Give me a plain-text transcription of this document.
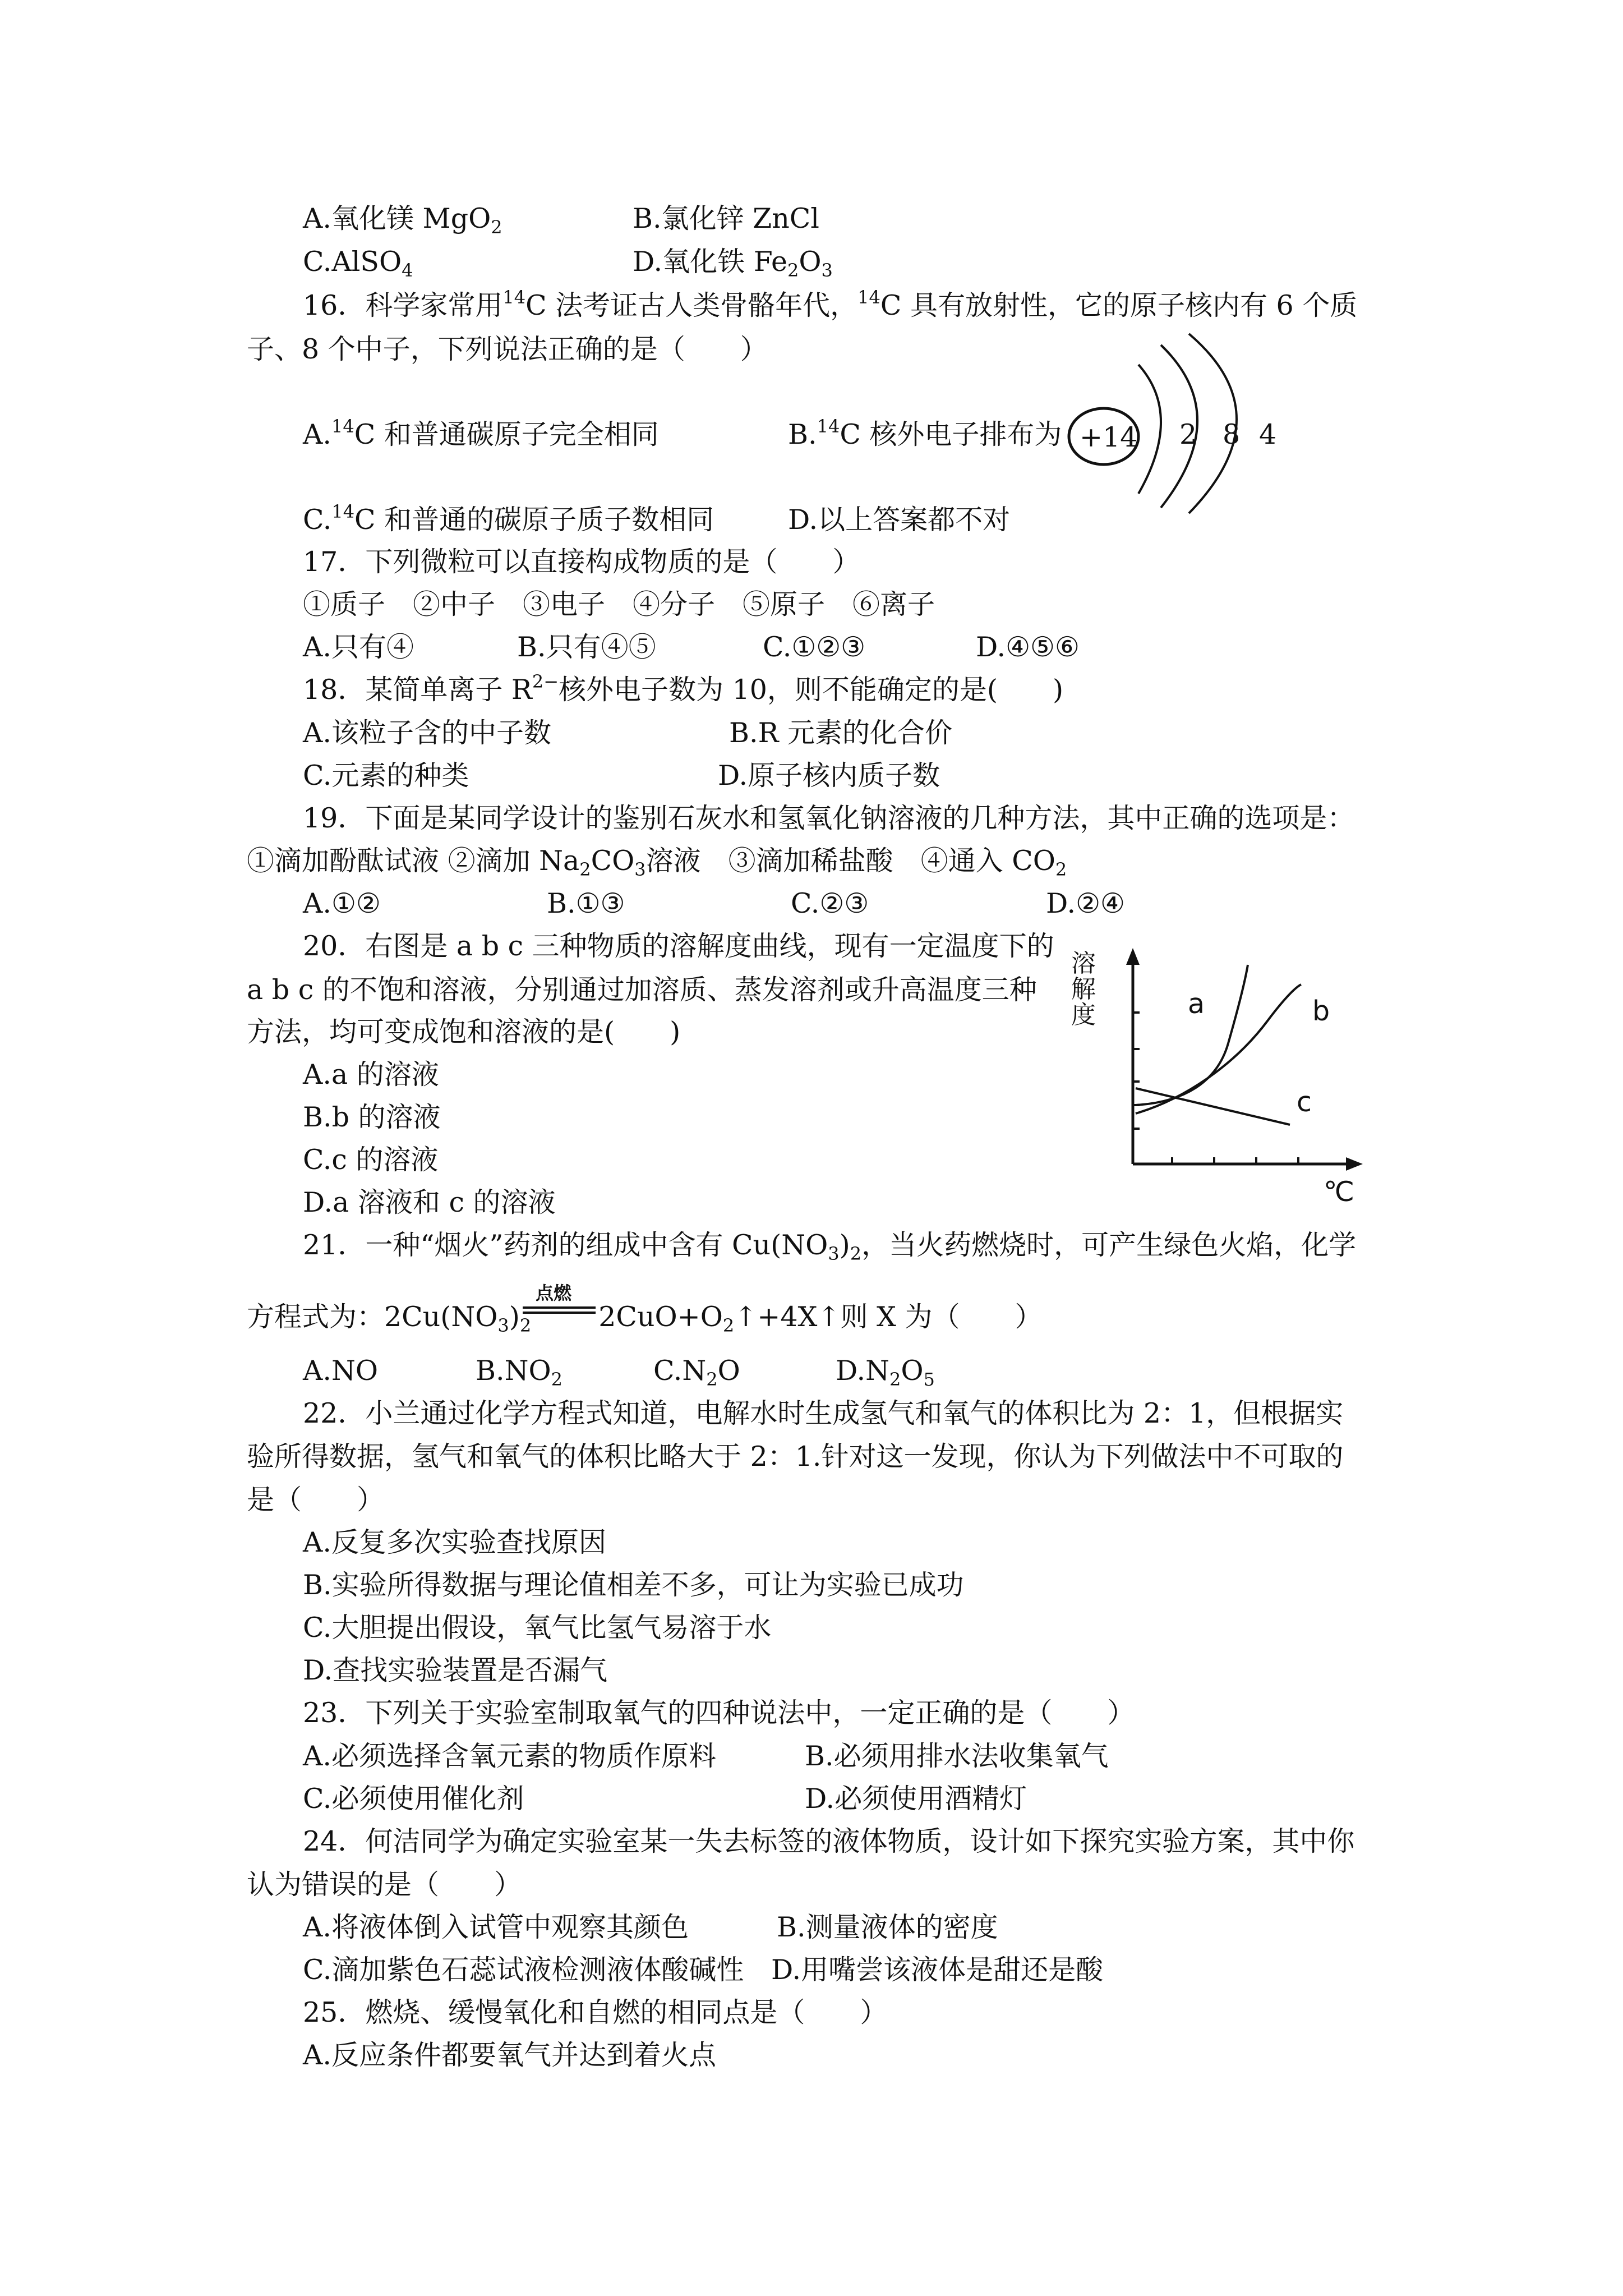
A.氧化镁 MgO$_2$	B.氯化锌 ZnCl
C.AlSO$_4$	D.氧化铁 $Fe_2O_3$
16．科学家常用$^{14}$C 法考证古人类骨骼年代，$^{14}$C 具有放射性，它的原子核内有 6 个质
子、8 个中子，下列说法正确的是（　　）
A.$^{14}$C 和普通碳原子完全相同	B.$^{14}$C 核外电子排布为 +14 2 8 4
C.$^{14}$C 和普通的碳原子质子数相同	D.以上答案都不对
17．下列微粒可以直接构成物质的是（　　）
①质子　②中子　③电子　④分子　⑤原子　⑥离子
A.只有④	B.只有④⑤	C.①②③	D.④⑤⑥
18．某简单离子 $R^{2-}$核外电子数为 10，则不能确定的是(　　)
A.该粒子含的中子数	B.R 元素的化合价
C.元素的种类	D.原子核内质子数
19．下面是某同学设计的鉴别石灰水和氢氧化钠溶液的几种方法，其中正确的选项是：
①滴加酚酞试液 ②滴加 $Na_2CO_3$溶液　③滴加稀盐酸　④通入 $CO_2$
A.①②	B.①③	C.②③	D.②④
20．右图是 a b c 三种物质的溶解度曲线，现有一定温度下的
a b c 的不饱和溶液，分别通过加溶质、蒸发溶剂或升高温度三种
方法，均可变成饱和溶液的是(　　)
A.a 的溶液
B.b 的溶液
C.c 的溶液
D.a 溶液和 c 的溶液
溶解度	a	b
c
℃
21．一种“烟火”药剂的组成中含有 $Cu(NO_3)_2$，当火药燃烧时，可产生绿色火焰，化学
方程式为：$2Cu(NO_3)_2$ $2CuO+O_2↑+4X↑$则 X 为（　　）
点燃
A.NO	$B.NO_2$	$C.N_2O$	$D.N_2O_5$
22．小兰通过化学方程式知道，电解水时生成氢气和氧气的体积比为 2：1，但根据实
验所得数据，氢气和氧气的体积比略大于 2：1.针对这一发现，你认为下列做法中不可取的
是（　　）
A.反复多次实验查找原因
B.实验所得数据与理论值相差不多，可让为实验已成功
C.大胆提出假设，氧气比氢气易溶于水
D.查找实验装置是否漏气
23．下列关于实验室制取氧气的四种说法中，一定正确的是（　　）
A.必须选择含氧元素的物质作原料	B.必须用排水法收集氧气
C.必须使用催化剂	D.必须使用酒精灯
24．何洁同学为确定实验室某一失去标签的液体物质，设计如下探究实验方案，其中你
认为错误的是（　　）
A.将液体倒入试管中观察其颜色	B.测量液体的密度
C.滴加紫色石蕊试液检测液体酸碱性 D.用嘴尝该液体是甜还是酸
25．燃烧、缓慢氧化和自燃的相同点是（　　）
A.反应条件都要氧气并达到着火点
